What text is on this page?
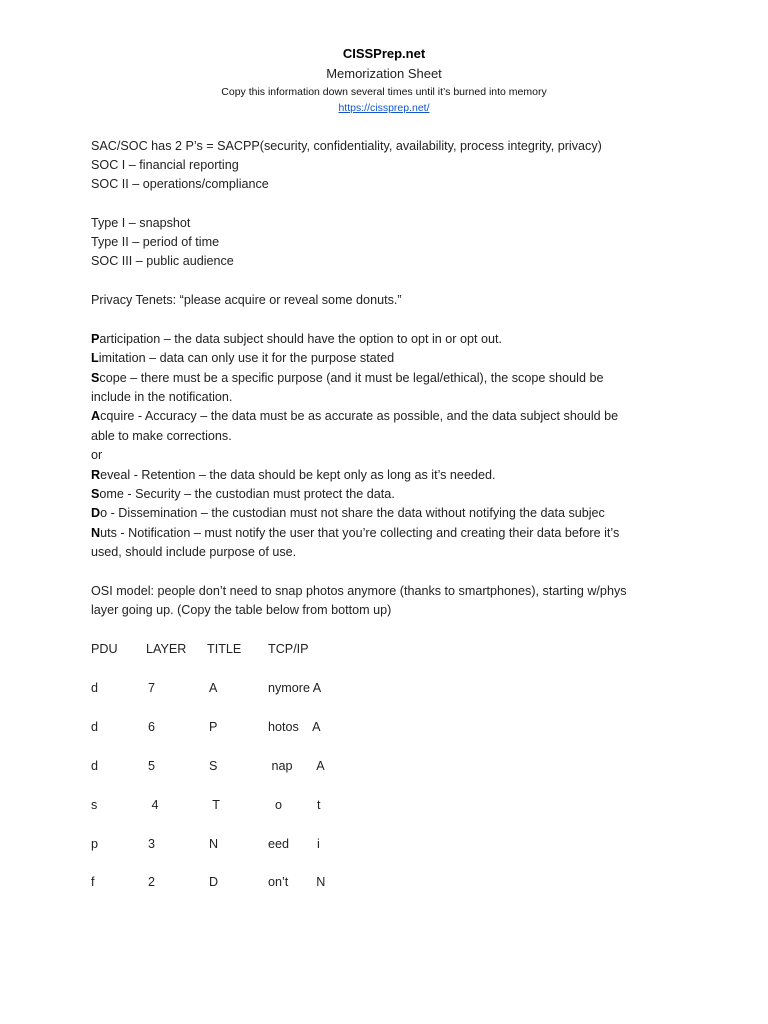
CISSPrep.net
Memorization Sheet
Copy this information down several times until it’s burned into memory
https://cissprep.net/
SAC/SOC has 2 P’s = SACPP(security, confidentiality, availability, process integrity, privacy)
SOC I – financial reporting
SOC II – operations/compliance
Type I – snapshot
Type II – period of time
SOC III – public audience
Privacy Tenets: “please acquire or reveal some donuts.”
Participation – the data subject should have the option to opt in or opt out.
Limitation – data can only use it for the purpose stated
Scope – there must be a specific purpose (and it must be legal/ethical), the scope should be
include in the notification.
Acquire - Accuracy – the data must be as accurate as possible, and the data subject should be
able to make corrections.
or
Reveal - Retention – the data should be kept only as long as it’s needed.
Some - Security – the custodian must protect the data.
Do - Dissemination – the custodian must not share the data without notifying the data subjec
Nuts - Notification – must notify the user that you’re collecting and creating their data before it’s
used, should include purpose of use.
OSI model: people don’t need to snap photos anymore (thanks to smartphones), starting w/phys
layer going up. (Copy the table below from bottom up)
PDU LAYER TITLE TCP/IP
d	7	A	nymore A
d	6	P	hotos    A
d	5	S	nap       A
s	4	T	o          t
p	3	N	eed        i
f	2	D	on’t        N
